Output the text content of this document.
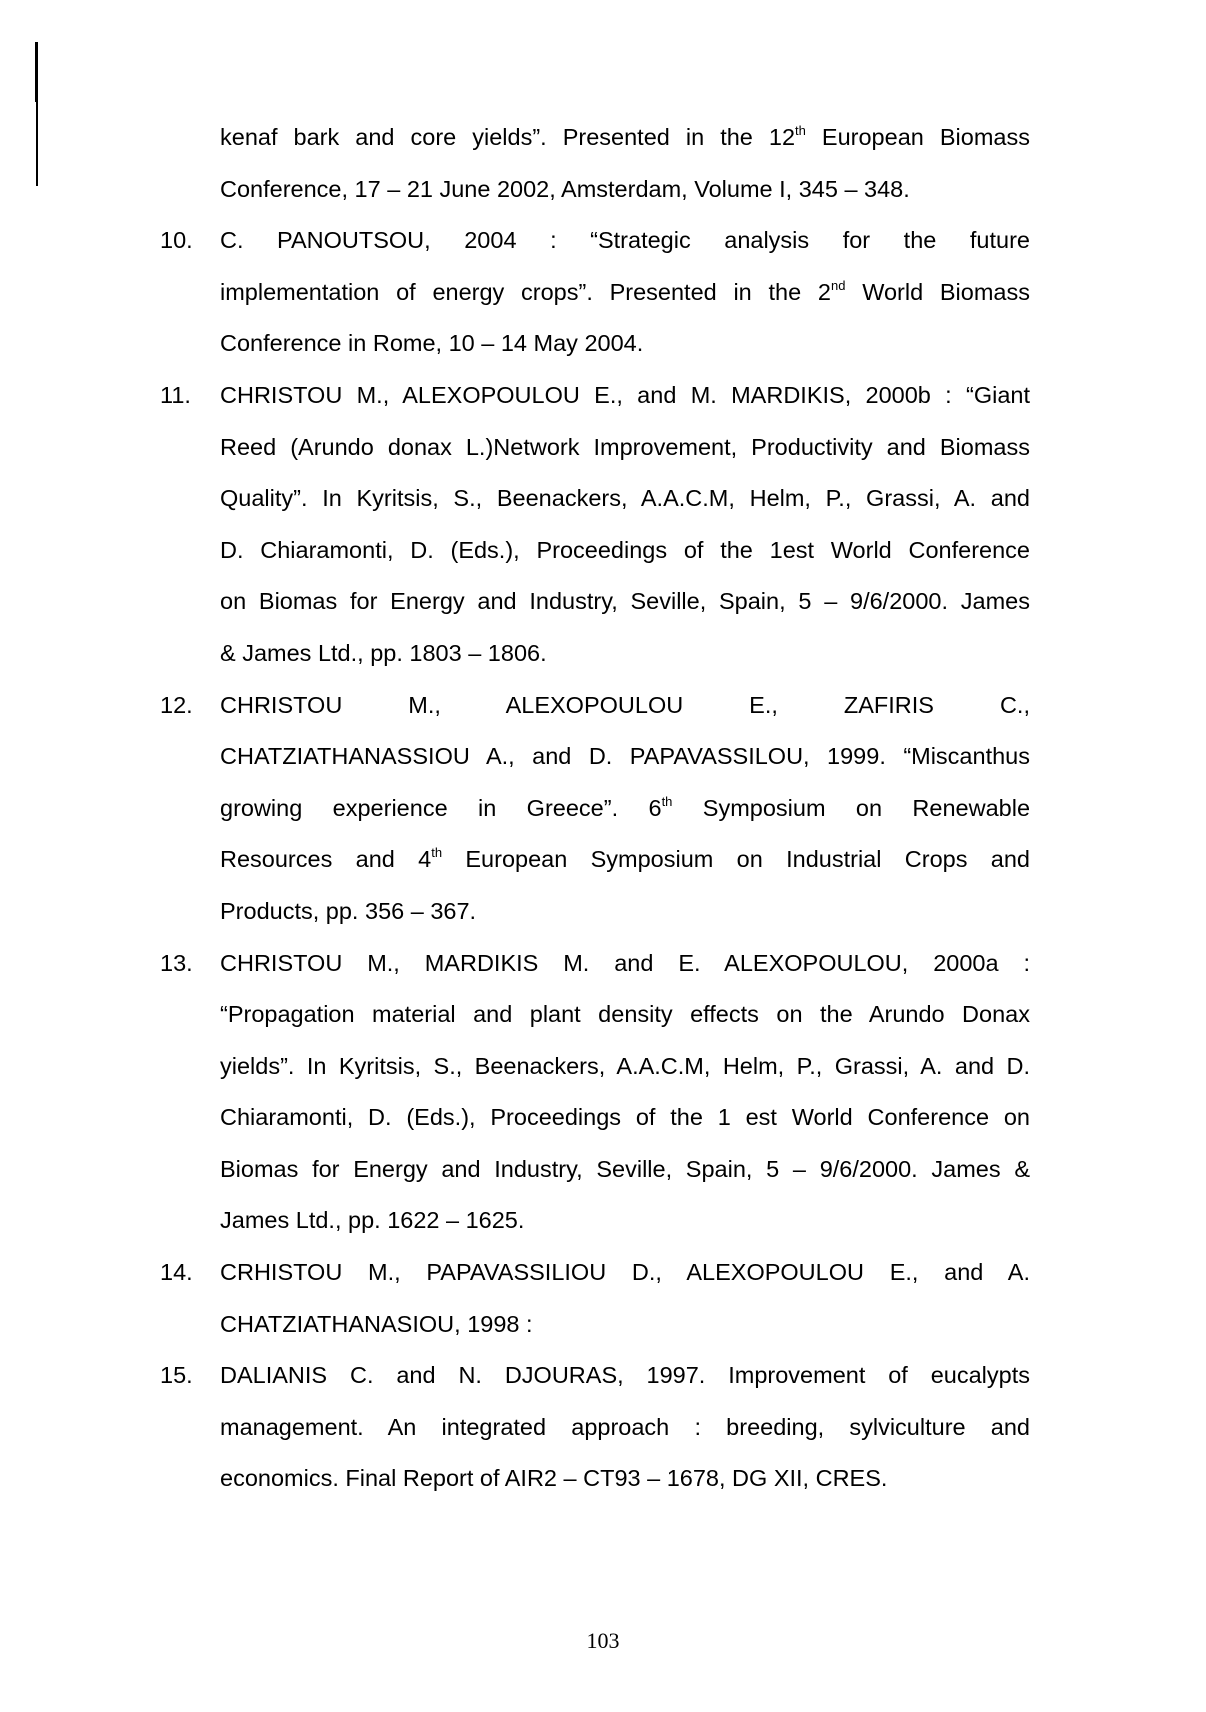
kenaf bark and core yields”. Presented in the 12th European Biomass
Conference, 17 – 21 June 2002, Amsterdam, Volume I, 345 – 348.
10. C. PANOUTSOU, 2004 : “Strategic analysis for the future
implementation of energy crops”. Presented in the 2nd World Biomass
Conference in Rome, 10 – 14 May 2004.
11. CHRISTOU M., ALEXOPOULOU E., and M. MARDIKIS, 2000b : “Giant
Reed (Arundo donax L.)Network Improvement, Productivity and Biomass
Quality”. In Kyritsis, S., Beenackers, A.A.C.M, Helm, P., Grassi, A. and
D. Chiaramonti, D. (Eds.), Proceedings of the 1est World Conference
on Biomas for Energy and Industry, Seville, Spain, 5 – 9/6/2000. James
& James Ltd., pp. 1803 – 1806.
12. CHRISTOU M., ALEXOPOULOU E., ZAFIRIS C.,
CHATZIATHANASSIOU A., and D. PAPAVASSILOU, 1999. “Miscanthus
growing experience in Greece”. 6th Symposium on Renewable
Resources and 4th European Symposium on Industrial Crops and
Products, pp. 356 – 367.
13. CHRISTOU M., MARDIKIS M. and E. ALEXOPOULOU, 2000a :
“Propagation material and plant density effects on the Arundo Donax
yields”. In Kyritsis, S., Beenackers, A.A.C.M, Helm, P., Grassi, A. and D.
Chiaramonti, D. (Eds.), Proceedings of the 1 est World Conference on
Biomas for Energy and Industry, Seville, Spain, 5 – 9/6/2000. James &
James Ltd., pp. 1622 – 1625.
14. CRHISTOU M., PAPAVASSILIOU D., ALEXOPOULOU E., and A.
CHATZIATHANASIOU, 1998 :
15. DALIANIS C. and N. DJOURAS, 1997. Improvement of eucalypts
management. An integrated approach : breeding, sylviculture and
economics. Final Report of AIR2 – CT93 – 1678, DG XII, CRES.
103
